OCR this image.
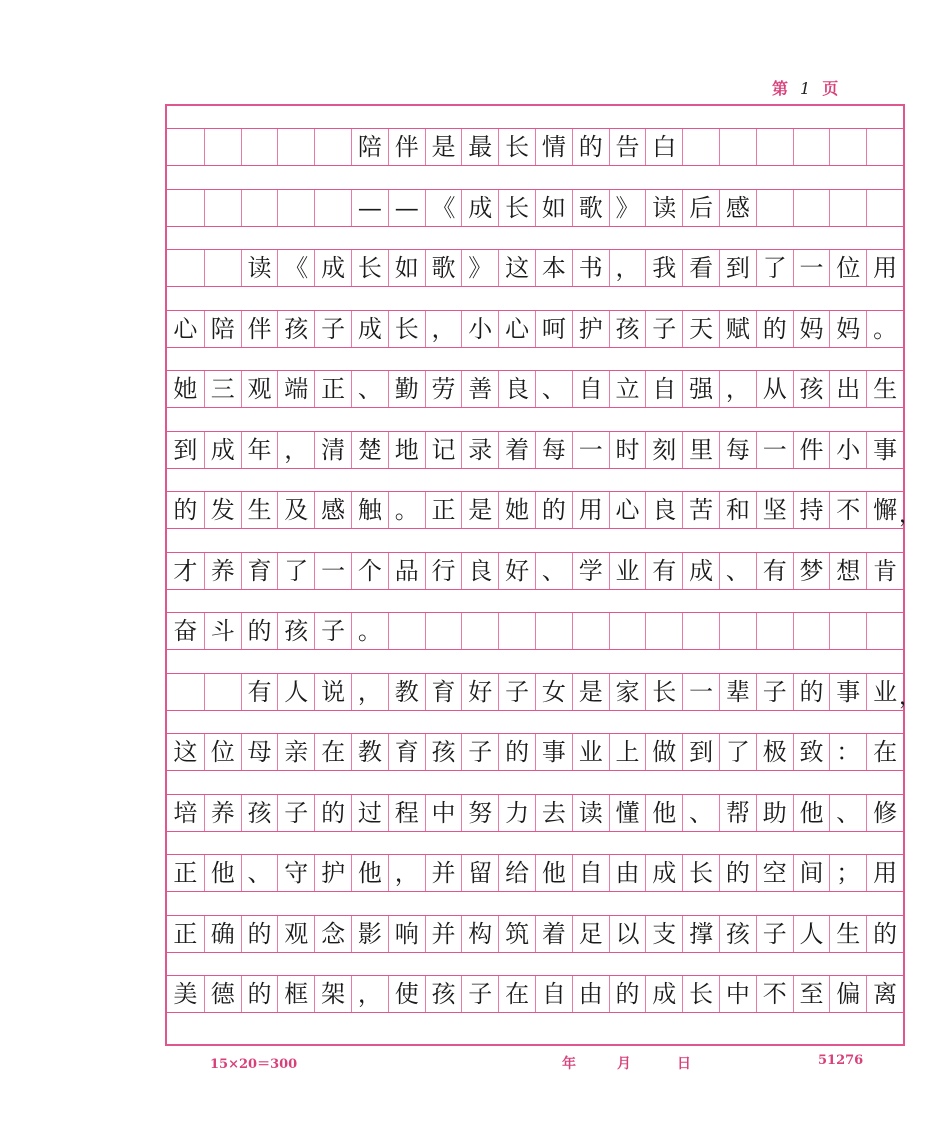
第 1 页
陪 伴 是 最 长 情 的 告 白
— — 《 成 长 如 歌 》 读 后 感
读 《 成 长 如 歌 》 这 本 书 ， 我 看 到 了 一 位 用
心 陪 伴 孩 子 成 长 ， 小 心 呵 护 孩 子 天 赋 的 妈 妈 。
她 三 观 端 正 、 勤 劳 善 良 、 自 立 自 强 ， 从 孩 出 生
到 成 年 ， 清 楚 地 记 录 着 每 一 时 刻 里 每 一 件 小 事
的 发 生 及 感 触 。 正 是 她 的 用 心 良 苦 和 坚 持 不 懈 ，
才 养 育 了 一 个 品 行 良 好 、 学 业 有 成 、 有 梦 想 肯
奋 斗 的 孩 子 。
有 人 说 ， 教 育 好 子 女 是 家 长 一 辈 子 的 事 业 ，
这 位 母 亲 在 教 育 孩 子 的 事 业 上 做 到 了 极 致 ： 在
培 养 孩 子 的 过 程 中 努 力 去 读 懂 他 、 帮 助 他 、 修
正 他 、 守 护 他 ， 并 留 给 他 自 由 成 长 的 空 间 ； 用
正 确 的 观 念 影 响 并 构 筑 着 足 以 支 撑 孩 子 人 生 的
美 德 的 框 架 ， 使 孩 子 在 自 由 的 成 长 中 不 至 偏 离
15×20＝300	年	月	日	51276
